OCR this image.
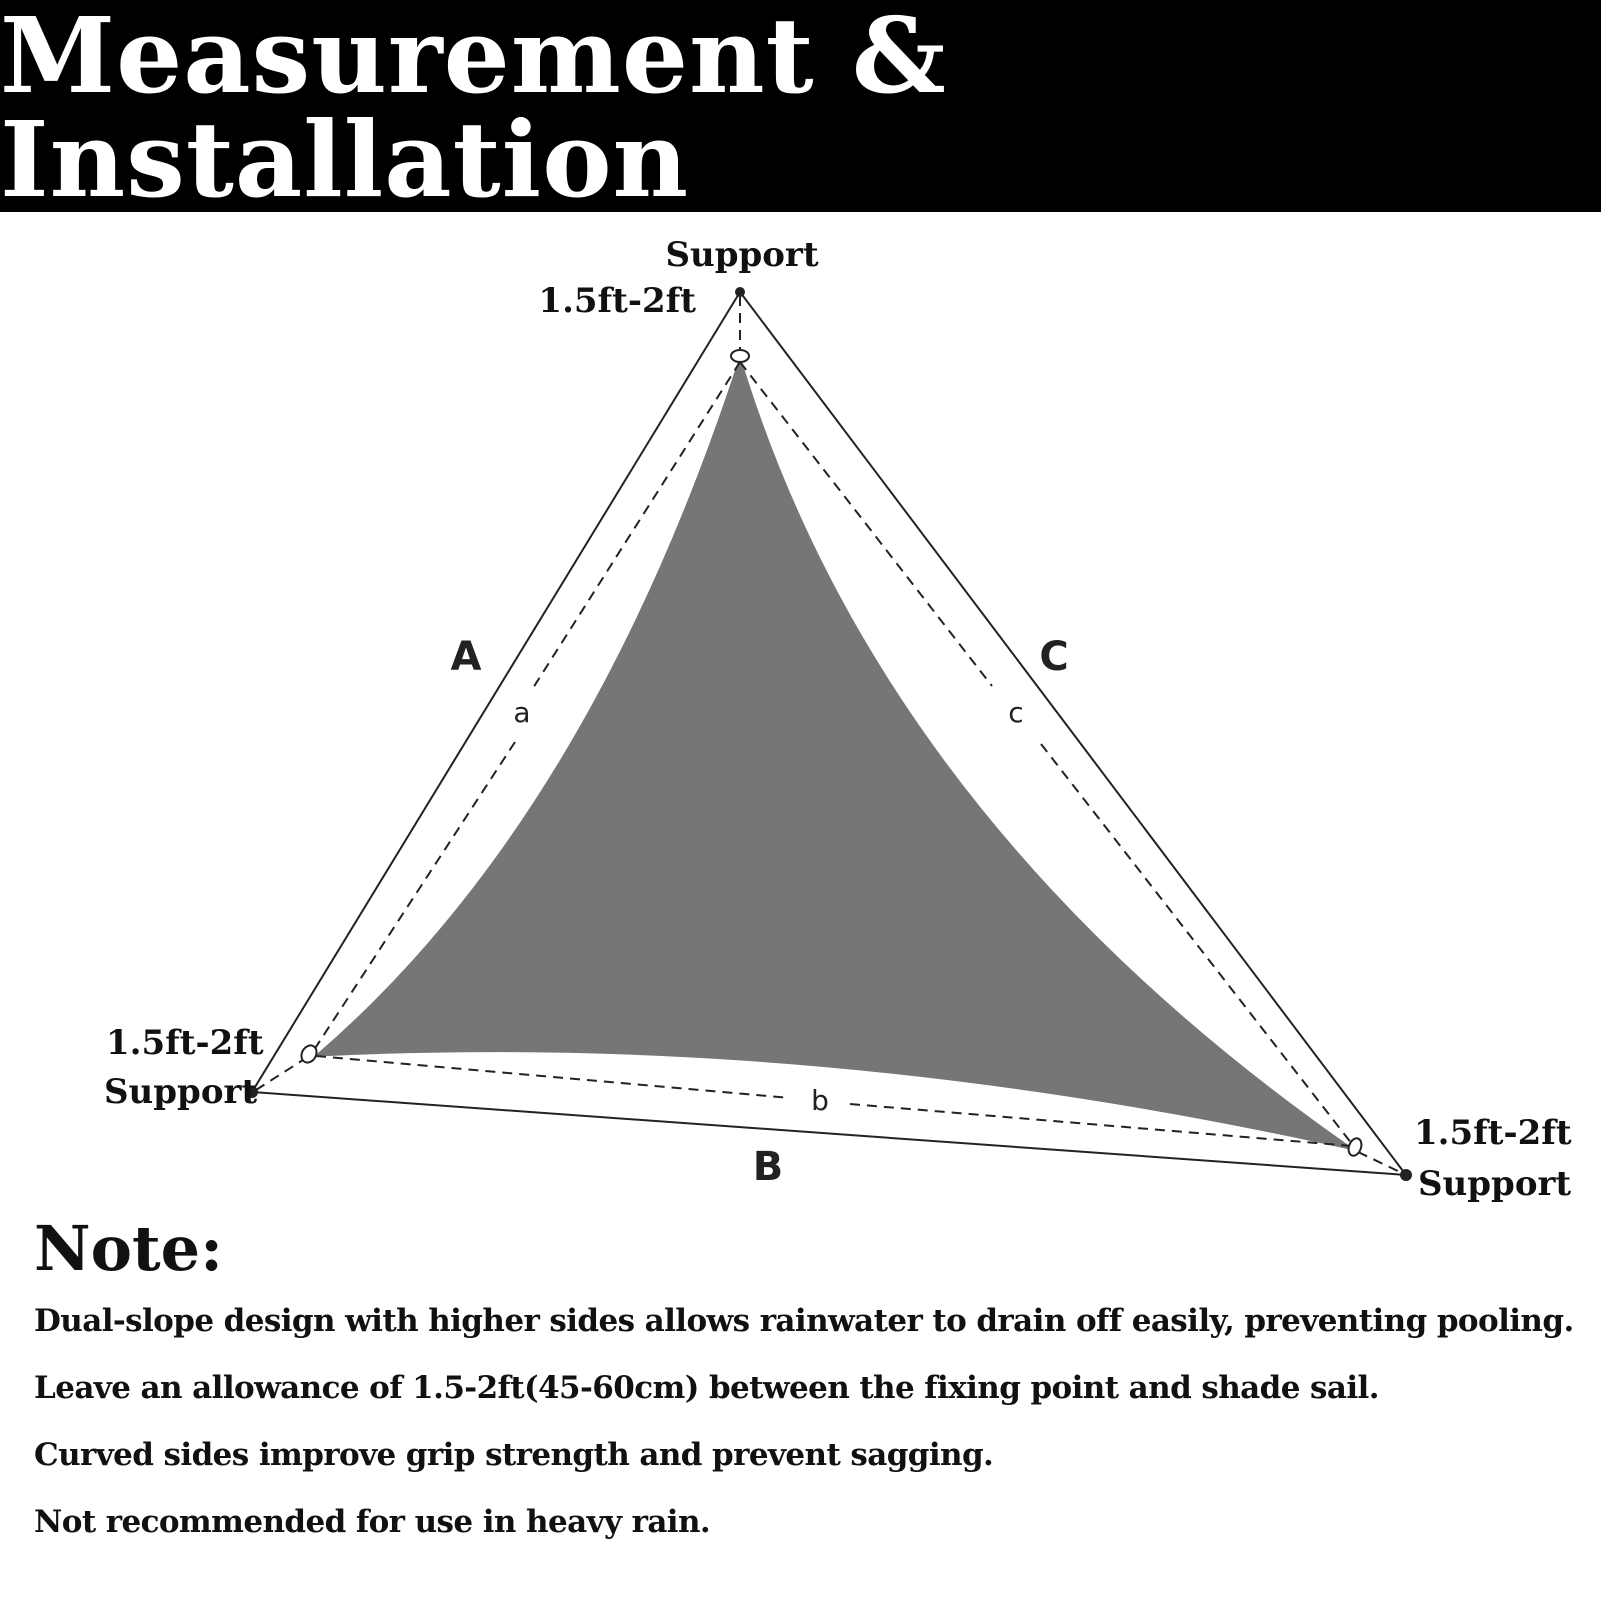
Measurement & Installation
Support
1.5ft-2ft
1.5ft-2ft
Support
1.5ft-2ft
Support
A	C
B
a	c
b
Note:
Dual-slope design with higher sides allows rainwater to drain off easily, preventing pooling.
Leave an allowance of 1.5-2ft(45-60cm) between the fixing point and shade sail.
Curved sides improve grip strength and prevent sagging.
Not recommended for use in heavy rain.
